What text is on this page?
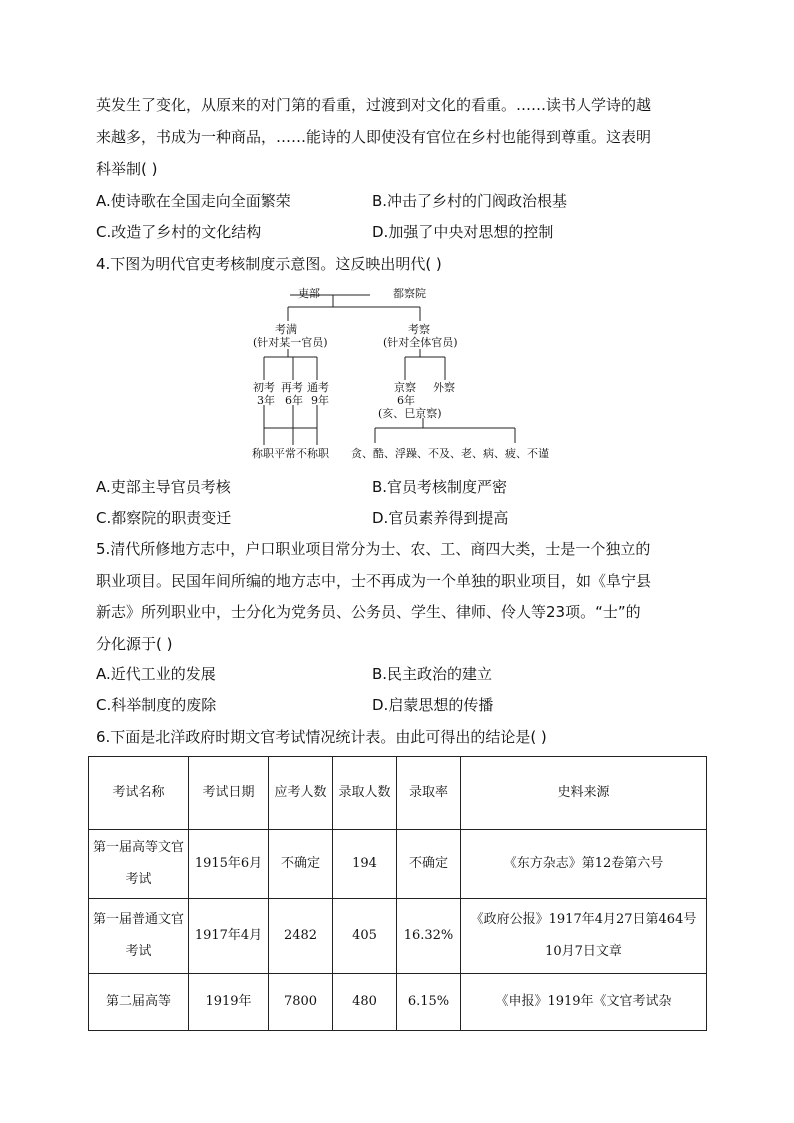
英发生了变化，从原来的对门第的看重，过渡到对文化的看重。……读书人学诗的越
来越多，书成为一种商品，……能诗的人即使没有官位在乡村也能得到尊重。这表明
科举制( )
A.使诗歌在全国走向全面繁荣	B.冲击了乡村的门阀政治根基
C.改造了乡村的文化结构	D.加强了中央对思想的控制
4.下图为明代官吏考核制度示意图。这反映出明代( )
吏部	都察院
考满
(针对某一官员)
考察
(针对全体官员)
初考
3年
再考
6年
通考
9年
京察
6年
(亥、巳京察)
外察
称职平常不称职 贪、酷、浮躁、不及、老、病、疲、不谨
A.吏部主导官员考核	B.官员考核制度严密
C.都察院的职责变迁	D.官员素养得到提高
5.清代所修地方志中，户口职业项目常分为士、农、工、商四大类，士是一个独立的
职业项目。民国年间所编的地方志中，士不再成为一个单独的职业项目，如《阜宁县
新志》所列职业中，士分化为党务员、公务员、学生、律师、伶人等23项。“士”的
分化源于( )
A.近代工业的发展	B.民主政治的建立
C.科举制度的废除	D.启蒙思想的传播
6.下面是北洋政府时期文官考试情况统计表。由此可得出的结论是( )
考试名称	考试日期	应考人数	录取人数	录取率	史料来源
第一届高等文官考试	1915年6月	不确定	194	不确定	《东方杂志》第12卷第六号
第一届普通文官考试	1917年4月	2482	405	16.32%	《政府公报》1917年4月27日第464号10月7日文章
第二届高等	1919年	7800	480	6.15%	《申报》1919年《文官考试杂
